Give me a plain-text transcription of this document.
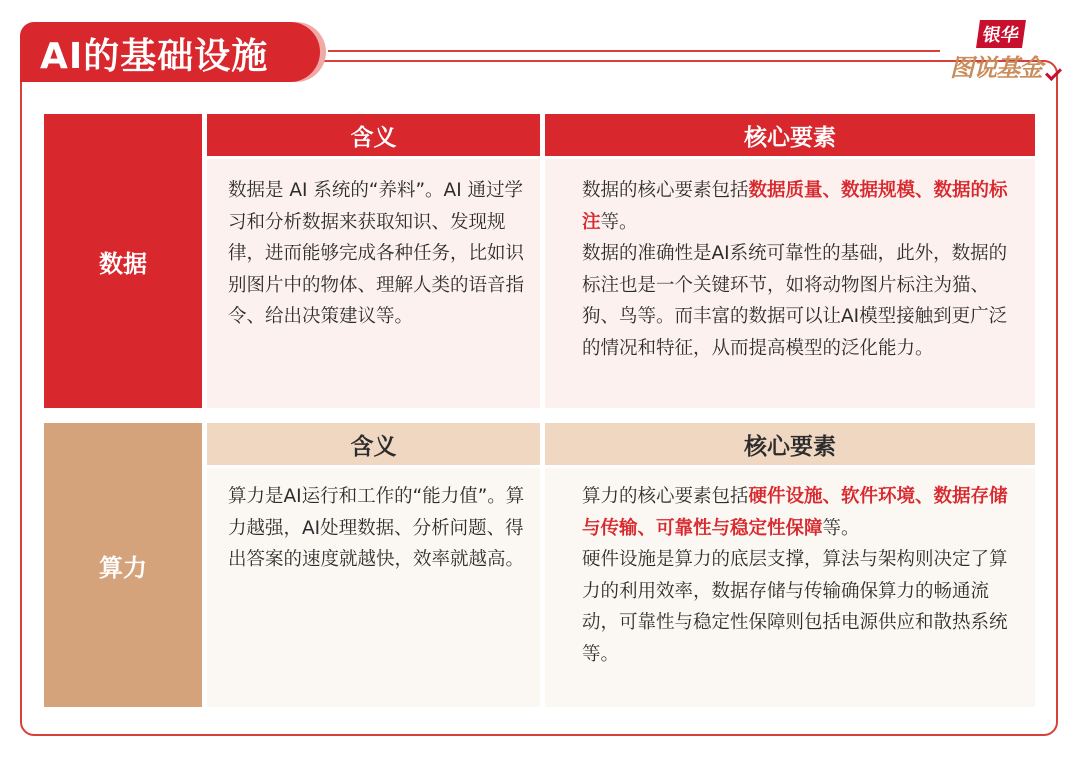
AI的基础设施
银华
图说基金
数据
含义	核心要素
数据是 AI 系统的“养料”。AI 通过学习和分析数据来获取知识、发现规律，进而能够完成各种任务，比如识别图片中的物体、理解人类的语音指令、给出决策建议等。
数据的核心要素包括数据质量、数据规模、数据的标注等。
数据的准确性是AI系统可靠性的基础，此外，数据的标注也是一个关键环节，如将动物图片标注为猫、狗、鸟等。而丰富的数据可以让AI模型接触到更广泛的情况和特征，从而提高模型的泛化能力。
算力
含义	核心要素
算力是AI运行和工作的“能力值”。算力越强，AI处理数据、分析问题、得出答案的速度就越快，效率就越高。
算力的核心要素包括硬件设施、软件环境、数据存储与传输、可靠性与稳定性保障等。
硬件设施是算力的底层支撑，算法与架构则决定了算力的利用效率，数据存储与传输确保算力的畅通流动，可靠性与稳定性保障则包括电源供应和散热系统等。
